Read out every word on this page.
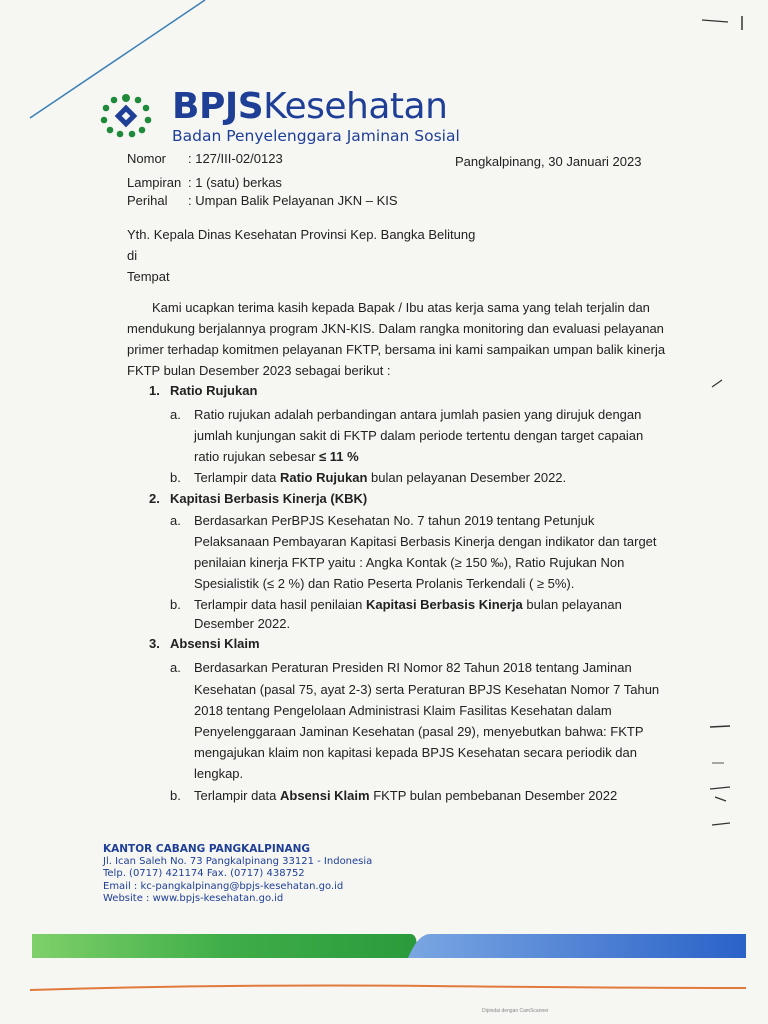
BPJSKesehatan
Badan Penyelenggara Jaminan Sosial
Nomor : 127/III-02/0123
Lampiran : 1 (satu) berkas
Perihal : Umpan Balik Pelayanan JKN – KIS
Pangkalpinang, 30 Januari 2023
Yth. Kepala Dinas Kesehatan Provinsi Kep. Bangka Belitung
di
Tempat
Kami ucapkan terima kasih kepada Bapak / Ibu atas kerja sama yang telah terjalin dan
mendukung berjalannya program JKN-KIS. Dalam rangka monitoring dan evaluasi pelayanan
primer terhadap komitmen pelayanan FKTP, bersama ini kami sampaikan umpan balik kinerja
FKTP bulan Desember 2023 sebagai berikut :
1. Ratio Rujukan
a. Ratio rujukan adalah perbandingan antara jumlah pasien yang dirujuk dengan
jumlah kunjungan sakit di FKTP dalam periode tertentu dengan target capaian
ratio rujukan sebesar ≤ 11 %
b. Terlampir data Ratio Rujukan bulan pelayanan Desember 2022.
2. Kapitasi Berbasis Kinerja (KBK)
a. Berdasarkan PerBPJS Kesehatan No. 7 tahun 2019 tentang Petunjuk
Pelaksanaan Pembayaran Kapitasi Berbasis Kinerja dengan indikator dan target
penilaian kinerja FKTP yaitu : Angka Kontak (≥ 150 ‰), Ratio Rujukan Non
Spesialistik (≤ 2 %) dan Ratio Peserta Prolanis Terkendali ( ≥ 5%).
b. Terlampir data hasil penilaian Kapitasi Berbasis Kinerja bulan pelayanan
Desember 2022.
3. Absensi Klaim
a. Berdasarkan Peraturan Presiden RI Nomor 82 Tahun 2018 tentang Jaminan
Kesehatan (pasal 75, ayat 2-3) serta Peraturan BPJS Kesehatan Nomor 7 Tahun
2018 tentang Pengelolaan Administrasi Klaim Fasilitas Kesehatan dalam
Penyelenggaraan Jaminan Kesehatan (pasal 29), menyebutkan bahwa: FKTP
mengajukan klaim non kapitasi kepada BPJS Kesehatan secara periodik dan
lengkap.
b. Terlampir data Absensi Klaim FKTP bulan pembebanan Desember 2022
KANTOR CABANG PANGKALPINANG
Jl. Ican Saleh No. 73 Pangkalpinang 33121 - Indonesia
Telp. (0717) 421174 Fax. (0717) 438752
Email : kc-pangkalpinang@bpjs-kesehatan.go.id
Website : www.bpjs-kesehatan.go.id
Dipindai dengan CamScanner
